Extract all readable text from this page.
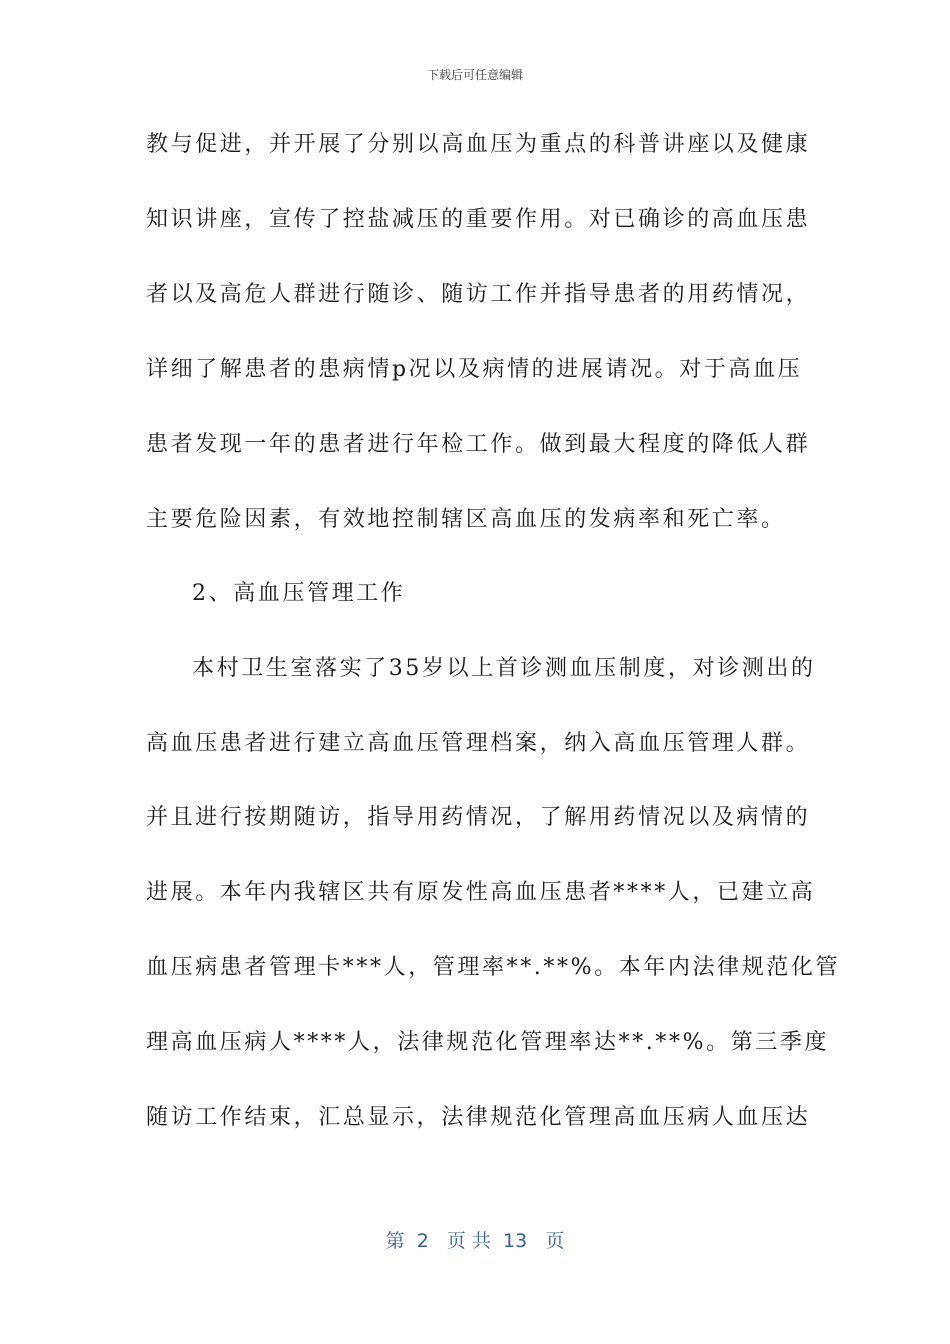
下载后可任意编辑
教与促进，并开展了分别以高血压为重点的科普讲座以及健康
知识讲座，宣传了控盐减压的重要作用。对已确诊的高血压患
者以及高危人群进行随诊、随访工作并指导患者的用药情况，
详细了解患者的患病情p况以及病情的进展请况。对于高血压
患者发现一年的患者进行年检工作。做到最大程度的降低人群
主要危险因素，有效地控制辖区高血压的发病率和死亡率。
2、高血压管理工作
本村卫生室落实了35岁以上首诊测血压制度，对诊测出的
高血压患者进行建立高血压管理档案，纳入高血压管理人群。
并且进行按期随访，指导用药情况，了解用药情况以及病情的
进展。本年内我辖区共有原发性高血压患者****人，已建立高
血压病患者管理卡***人，管理率**.**%。本年内法律规范化管
理高血压病人****人，法律规范化管理率达**.**%。第三季度
随访工作结束，汇总显示，法律规范化管理高血压病人血压达
第  2   页 共  13   页
